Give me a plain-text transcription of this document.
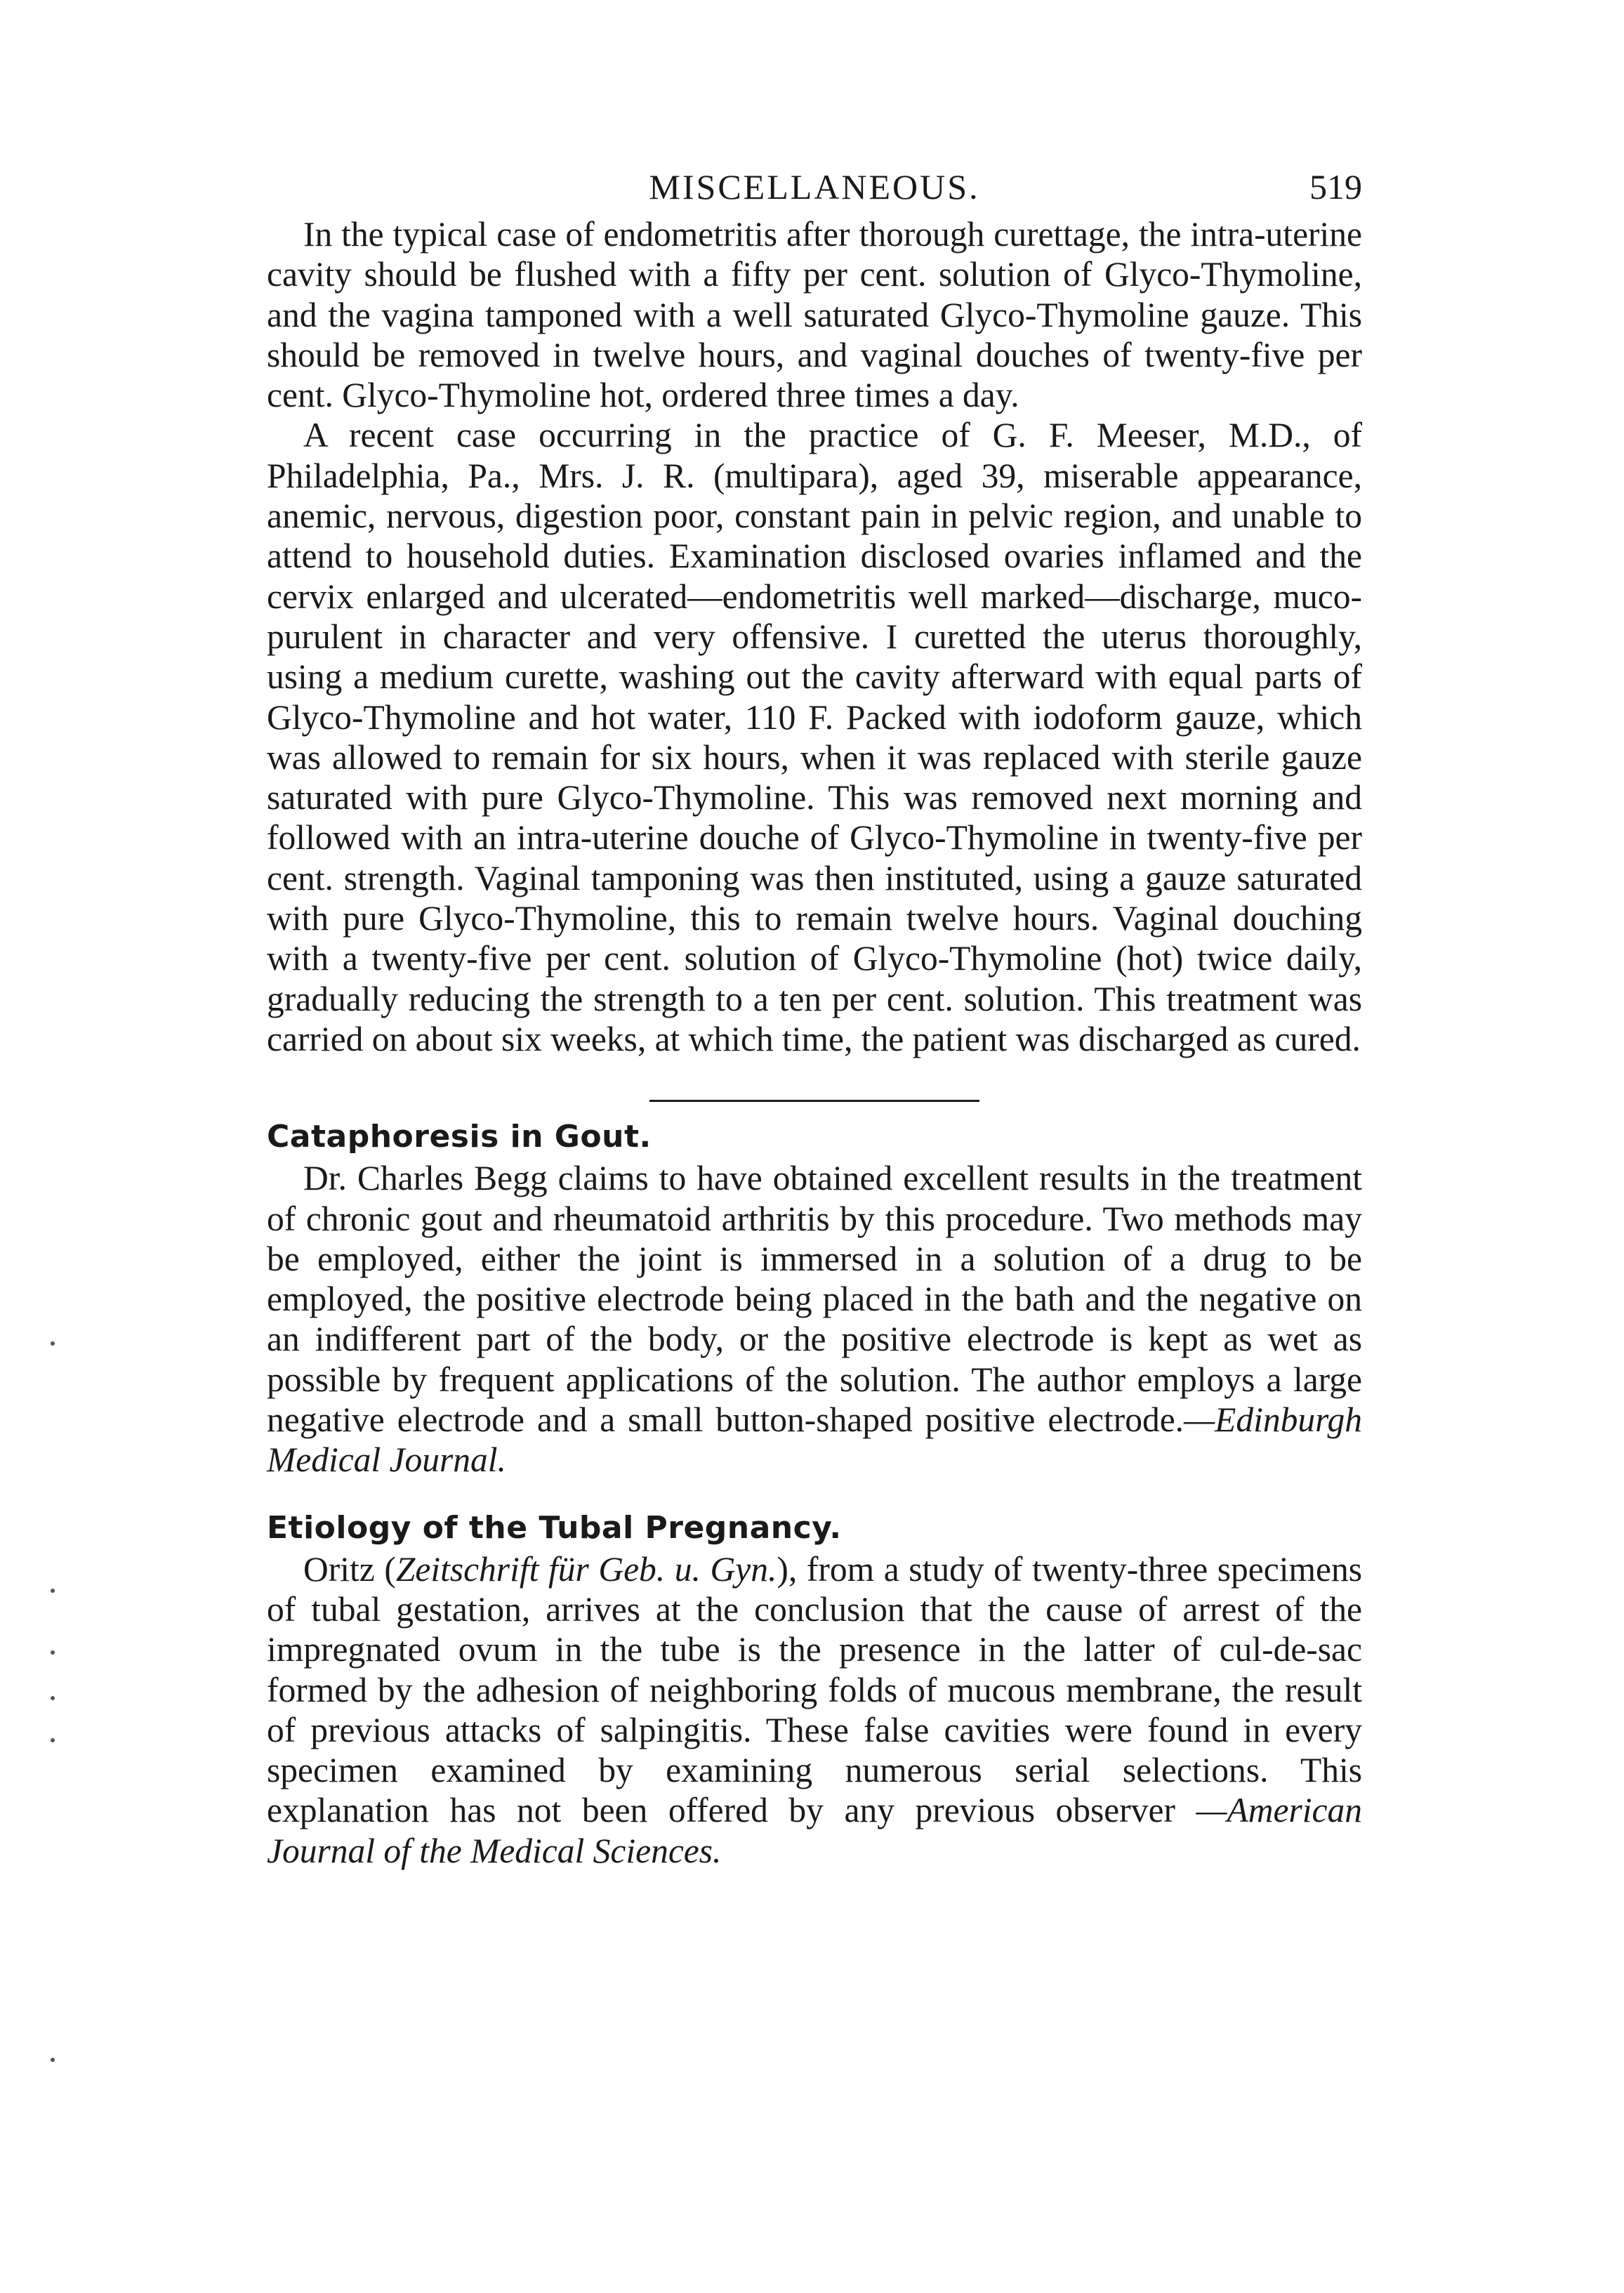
MISCELLANEOUS.	519

In the typical case of endometritis after thorough curettage, the intra-uterine cavity should be flushed with a fifty per cent. solution of Glyco-Thymoline, and the vagina tamponed with a well saturated Glyco-Thymoline gauze. This should be removed in twelve hours, and vaginal douches of twenty-five per cent. Glyco-Thymoline hot, ordered three times a day.

A recent case occurring in the practice of G. F. Meeser, M.D., of Philadelphia, Pa., Mrs. J. R. (multipara), aged 39, miserable appearance, anemic, nervous, digestion poor, constant pain in pelvic region, and unable to attend to household duties. Examination disclosed ovaries inflamed and the cervix enlarged and ulcerated—endometritis well marked—discharge, muco-purulent in character and very offensive. I curetted the uterus thoroughly, using a medium curette, washing out the cavity afterward with equal parts of Glyco-Thymoline and hot water, 110 F. Packed with iodoform gauze, which was allowed to remain for six hours, when it was replaced with sterile gauze saturated with pure Glyco-Thymoline. This was removed next morning and followed with an intra-uterine douche of Glyco-Thymoline in twenty-five per cent. strength. Vaginal tamponing was then instituted, using a gauze saturated with pure Glyco-Thymoline, this to remain twelve hours. Vaginal douching with a twenty-five per cent. solution of Glyco-Thymoline (hot) twice daily, gradually reducing the strength to a ten per cent. solution. This treatment was carried on about six weeks, at which time, the patient was discharged as cured.

Cataphoresis in Gout.

Dr. Charles Begg claims to have obtained excellent results in the treatment of chronic gout and rheumatoid arthritis by this procedure. Two methods may be employed, either the joint is immersed in a solution of a drug to be employed, the positive electrode being placed in the bath and the negative on an indifferent part of the body, or the positive electrode is kept as wet as possible by frequent applications of the solution. The author employs a large negative electrode and a small button-shaped positive electrode.—Edinburgh Medical Journal.

Etiology of the Tubal Pregnancy.

Oritz (Zeitschrift für Geb. u. Gyn.), from a study of twenty-three specimens of tubal gestation, arrives at the conclusion that the cause of arrest of the impregnated ovum in the tube is the presence in the latter of cul-de-sac formed by the adhesion of neighboring folds of mucous membrane, the result of previous attacks of salpingitis. These false cavities were found in every specimen examined by examining numerous serial selections. This explanation has not been offered by any previous observer —American Journal of the Medical Sciences.
